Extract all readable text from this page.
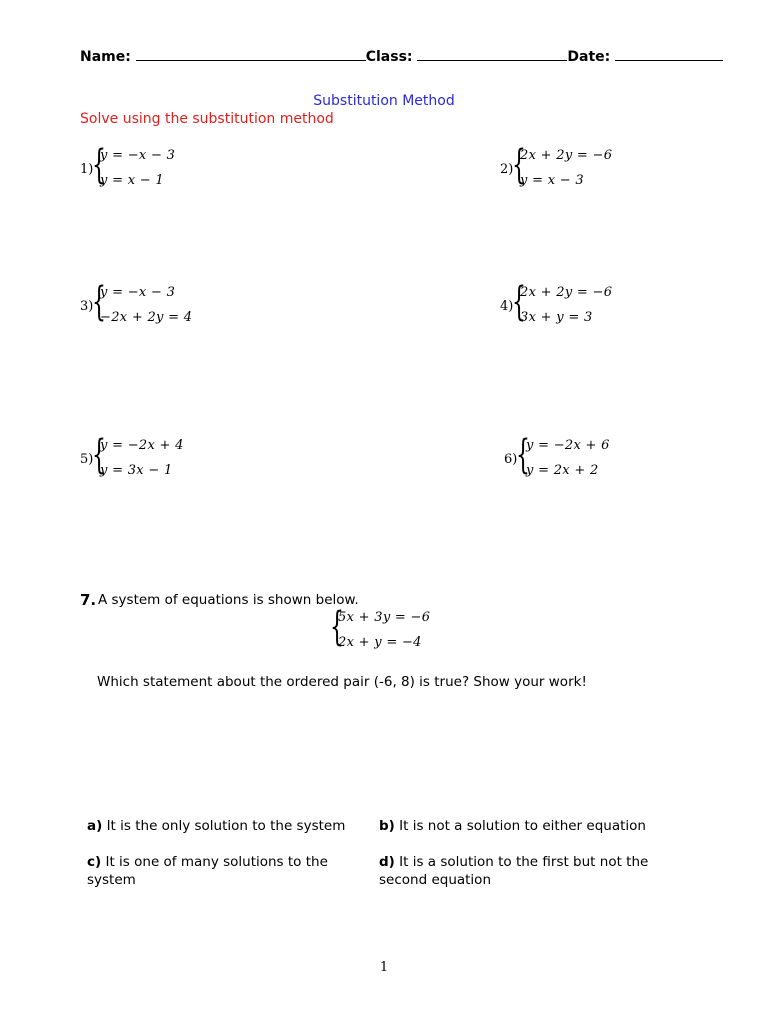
Name:	Class:	Date:
Substitution Method
Solve using the substitution method
1)
{
y = −x − 3
y = x − 1
2)
{
2x + 2y = −6
y = x − 3
3)
{
y = −x − 3
−2x + 2y = 4
4)
{
2x + 2y = −6
3x + y = 3
5)
{
y = −2x + 4
y = 3x − 1
6)
{
y = −2x + 6
y = 2x + 2
7. A system of equations is shown below.
{
5x + 3y = −6
2x + y = −4
Which statement about the ordered pair (-6, 8) is true? Show your work!
a) It is the only solution to the system	b) It is not a solution to either equation
c) It is one of many solutions to the system
d) It is a solution to the first but not the second equation
1
